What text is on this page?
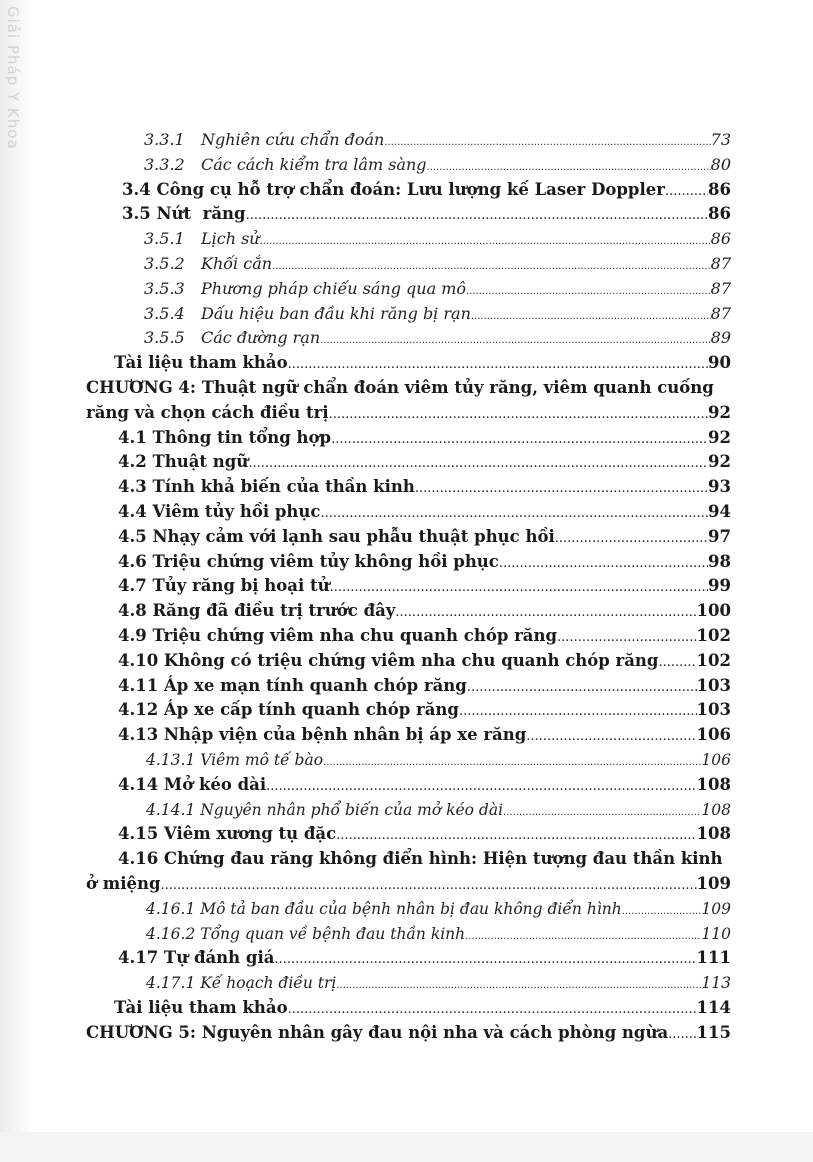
Giải Pháp Y Khoa	3.3.1 Nghiên cứu chẩn đoán .....	73
3.3.2 Các cách kiểm tra lâm sàng .....	80
3.4 Công cụ hỗ trợ chẩn đoán: Lưu lượng kế Laser Doppler .....	86
3.5 Nứt  răng .....	86
3.5.1 Lịch sử .....	86
3.5.2 Khối cắn .....	87
3.5.3 Phương pháp chiếu sáng qua mô .....	87
3.5.4 Dấu hiệu ban đầu khi răng bị rạn .....	87
3.5.5 Các đường rạn .....	89
Tài liệu tham khảo .....	90
CHƯƠNG 4: Thuật ngữ chẩn đoán viêm tủy răng, viêm quanh cuống
răng và chọn cách điều trị .....	92
4.1 Thông tin tổng hợp .....	92
4.2 Thuật ngữ .....	92
4.3 Tính khả biến của thần kinh .....	93
4.4 Viêm tủy hồi phục .....	94
4.5 Nhạy cảm với lạnh sau phẫu thuật phục hồi .....	97
4.6 Triệu chứng viêm tủy không hồi phục .....	98
4.7 Tủy răng bị hoại tử .....	99
4.8 Răng đã điều trị trước đây .....	100
4.9 Triệu chứng viêm nha chu quanh chóp răng .....	102
4.10 Không có triệu chứng viêm nha chu quanh chóp răng ..... 102
4.11 Áp xe mạn tính quanh chóp răng .....	103
4.12 Áp xe cấp tính quanh chóp răng .....	103
4.13 Nhập viện của bệnh nhân bị áp xe răng .....	106
4.13.1 Viêm mô tế bào .....	106
4.14 Mở kéo dài .....	108
4.14.1 Nguyên nhân phổ biến của mở kéo dài .....	108
4.15 Viêm xương tụ đặc .....	108
4.16 Chứng đau răng không điển hình: Hiện tượng đau thần kinh
ở miệng .....	109
4.16.1 Mô tả ban đầu của bệnh nhân bị đau không điển hình .....	109
4.16.2 Tổng quan về bệnh đau thần kinh .....	110
4.17 Tự đánh giá .....	111
4.17.1 Kế hoạch điều trị .....	113
Tài liệu tham khảo .....	114
CHƯƠNG 5: Nguyên nhân gây đau nội nha và cách phòng ngừa ..... 115
